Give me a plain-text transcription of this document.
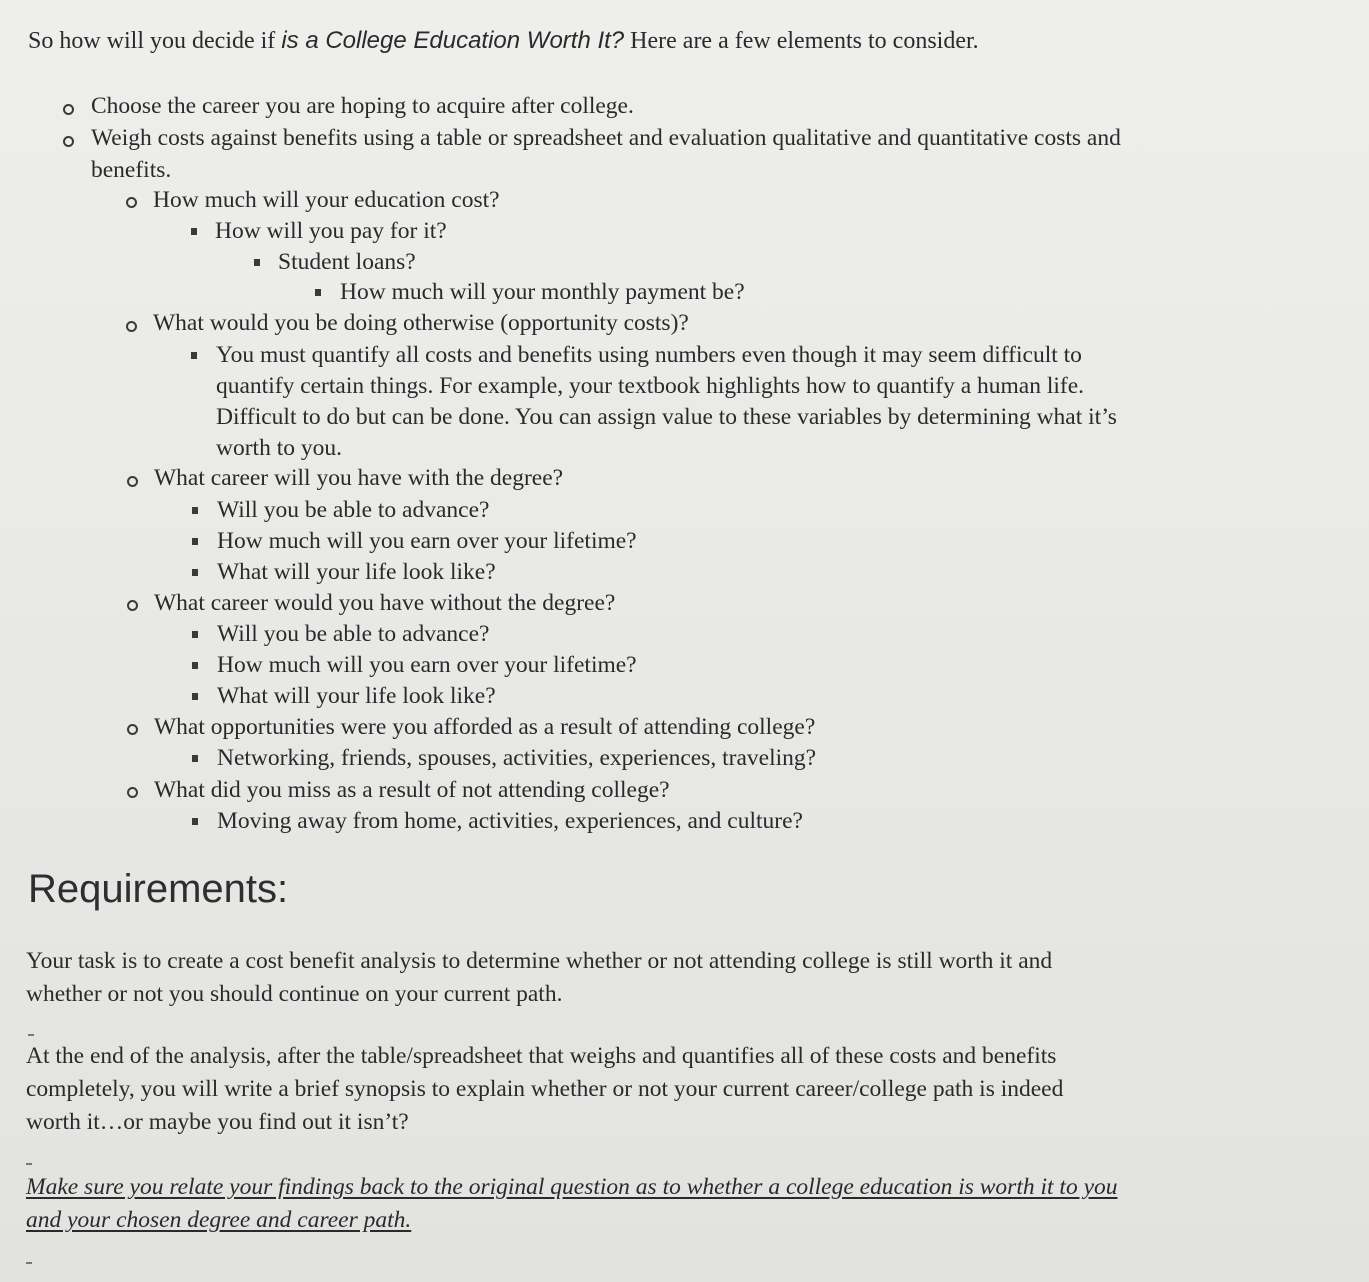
So how will you decide if is a College Education Worth It? Here are a few elements to consider.
Choose the career you are hoping to acquire after college.
Weigh costs against benefits using a table or spreadsheet and evaluation qualitative and quantitative costs and
benefits.
How much will your education cost?
How will you pay for it?
Student loans?
How much will your monthly payment be?
What would you be doing otherwise (opportunity costs)?
You must quantify all costs and benefits using numbers even though it may seem difficult to
quantify certain things. For example, your textbook highlights how to quantify a human life.
Difficult to do but can be done. You can assign value to these variables by determining what it’s
worth to you.
What career will you have with the degree?
Will you be able to advance?
How much will you earn over your lifetime?
What will your life look like?
What career would you have without the degree?
Will you be able to advance?
How much will you earn over your lifetime?
What will your life look like?
What opportunities were you afforded as a result of attending college?
Networking, friends, spouses, activities, experiences, traveling?
What did you miss as a result of not attending college?
Moving away from home, activities, experiences, and culture?
Requirements:
Your task is to create a cost benefit analysis to determine whether or not attending college is still worth it and
whether or not you should continue on your current path.
At the end of the analysis, after the table/spreadsheet that weighs and quantifies all of these costs and benefits
completely, you will write a brief synopsis to explain whether or not your current career/college path is indeed
worth it…or maybe you find out it isn’t?
Make sure you relate your findings back to the original question as to whether a college education is worth it to you
and your chosen degree and career path.
